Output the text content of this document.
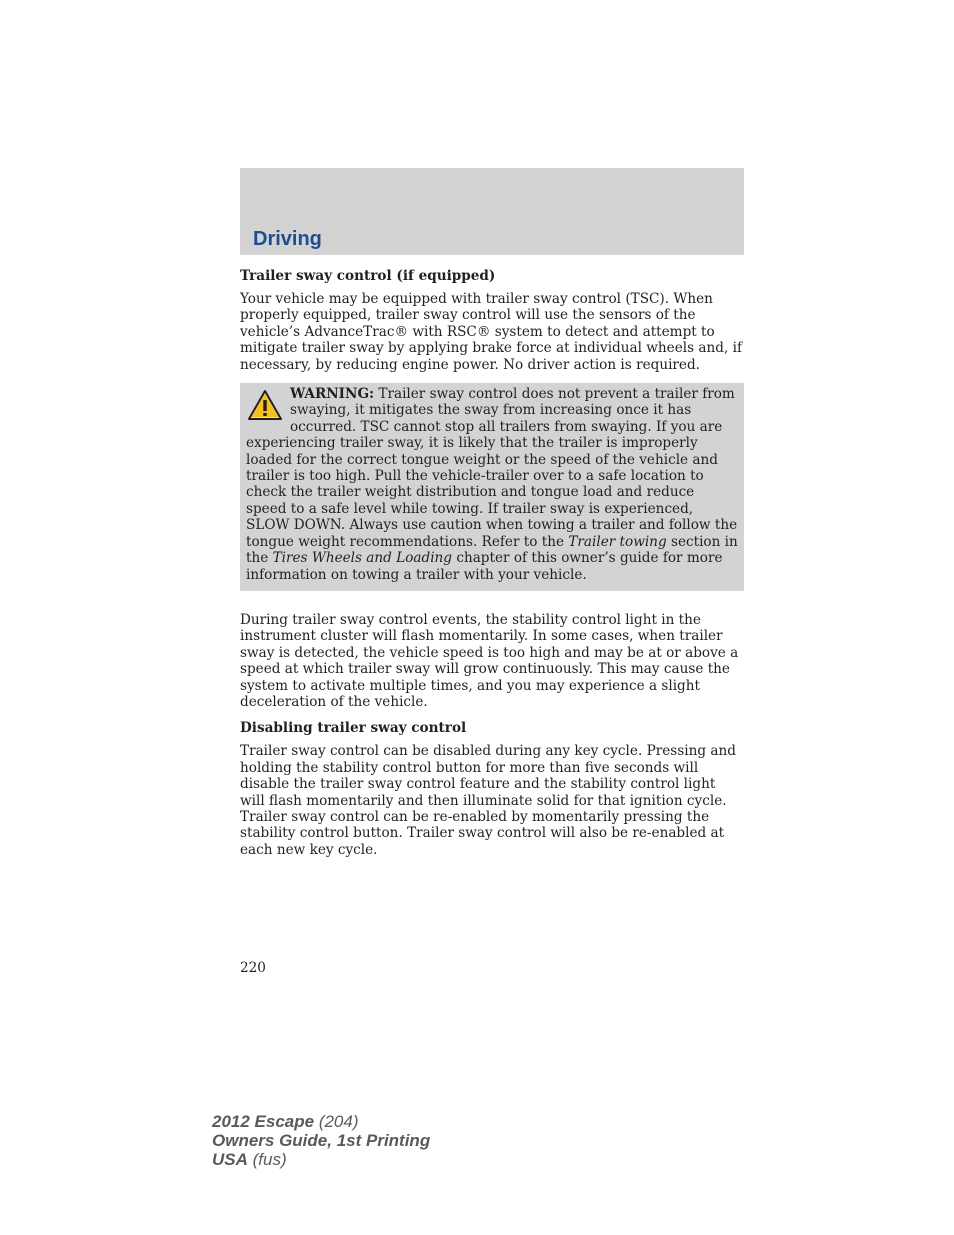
Driving
Trailer sway control (if equipped)

Your vehicle may be equipped with trailer sway control (TSC). When properly equipped, trailer sway control will use the sensors of the vehicle’s AdvanceTrac® with RSC® system to detect and attempt to mitigate trailer sway by applying brake force at individual wheels and, if necessary, by reducing engine power. No driver action is required.

WARNING: Trailer sway control does not prevent a trailer from swaying, it mitigates the sway from increasing once it has occurred. TSC cannot stop all trailers from swaying. If you are experiencing trailer sway, it is likely that the trailer is improperly loaded for the correct tongue weight or the speed of the vehicle and trailer is too high. Pull the vehicle-trailer over to a safe location to check the trailer weight distribution and tongue load and reduce speed to a safe level while towing. If trailer sway is experienced, SLOW DOWN. Always use caution when towing a trailer and follow the tongue weight recommendations. Refer to the Trailer towing section in the Tires Wheels and Loading chapter of this owner’s guide for more information on towing a trailer with your vehicle.

During trailer sway control events, the stability control light in the instrument cluster will flash momentarily. In some cases, when trailer sway is detected, the vehicle speed is too high and may be at or above a speed at which trailer sway will grow continuously. This may cause the system to activate multiple times, and you may experience a slight deceleration of the vehicle.

Disabling trailer sway control

Trailer sway control can be disabled during any key cycle. Pressing and holding the stability control button for more than five seconds will disable the trailer sway control feature and the stability control light will flash momentarily and then illuminate solid for that ignition cycle. Trailer sway control can be re-enabled by momentarily pressing the stability control button. Trailer sway control will also be re-enabled at each new key cycle.

220
2012 Escape (204)
Owners Guide, 1st Printing
USA (fus)
